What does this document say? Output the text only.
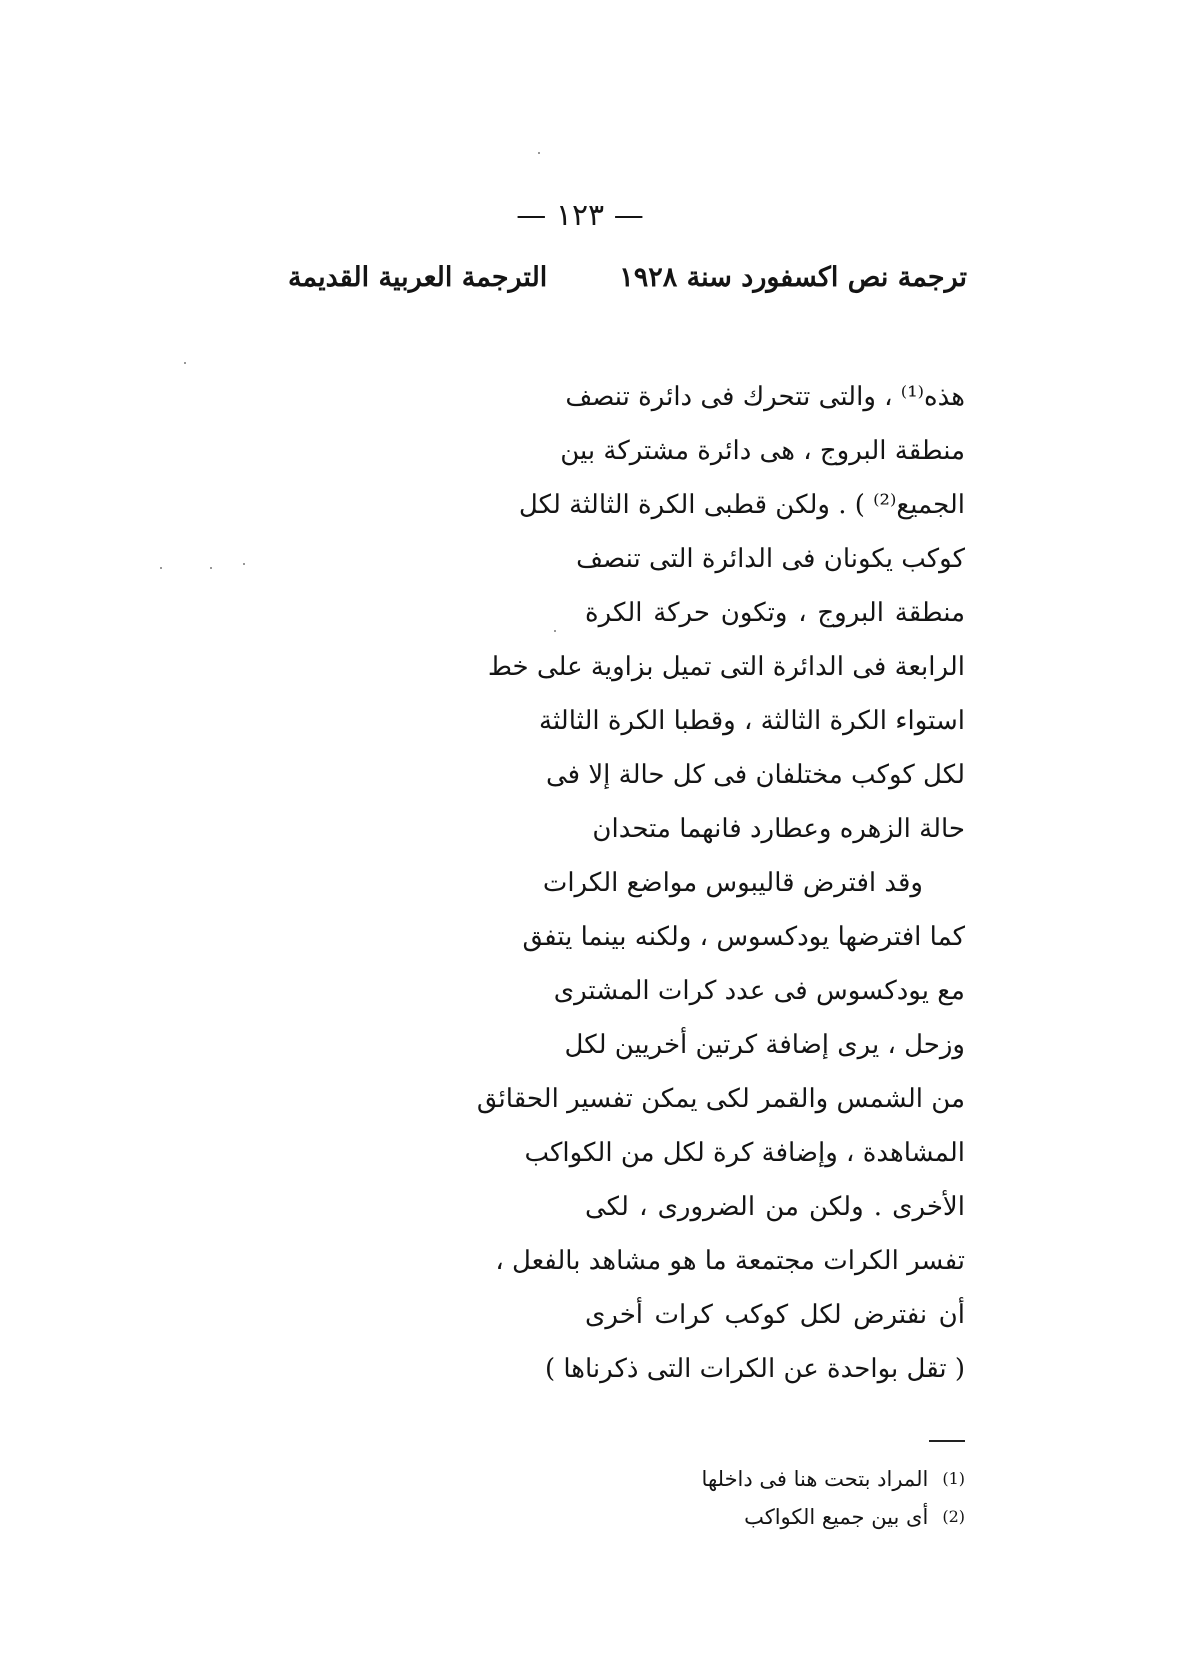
— ١٢٣ —
ترجمة نص اكسفورد سنة ١٩٢٨
الترجمة العربية القديمة
هذه⁽¹⁾ ، والتى تتحرك فى دائرة تنصف
منطقة البروج ، هى دائرة مشتركة بين
الجميع⁽²⁾ ) . ولكن قطبى الكرة الثالثة لكل
كوكب يكونان فى الدائرة التى تنصف
منطقة البروج ، وتكون حركة الكرة
الرابعة فى الدائرة التى تميل بزاوية على خط
استواء الكرة الثالثة ، وقطبا الكرة الثالثة
لكل كوكب مختلفان فى كل حالة إلا فى
حالة الزهره وعطارد فانهما متحدان
وقد افترض قاليبوس مواضع الكرات
كما افترضها يودكسوس ، ولكنه بينما يتفق
مع يودكسوس فى عدد كرات المشترى
وزحل ، يرى إضافة كرتين أخريين لكل
من الشمس والقمر لكى يمكن تفسير الحقائق
المشاهدة ، وإضافة كرة لكل من الكواكب
الأخرى . ولكن من الضرورى ، لكى
تفسر الكرات مجتمعة ما هو مشاهد بالفعل ،
أن نفترض لكل كوكب كرات أخرى
( تقل بواحدة عن الكرات التى ذكرناها )
(1)المراد بتحت هنا فى داخلها
(2)أى بين جميع الكواكب
